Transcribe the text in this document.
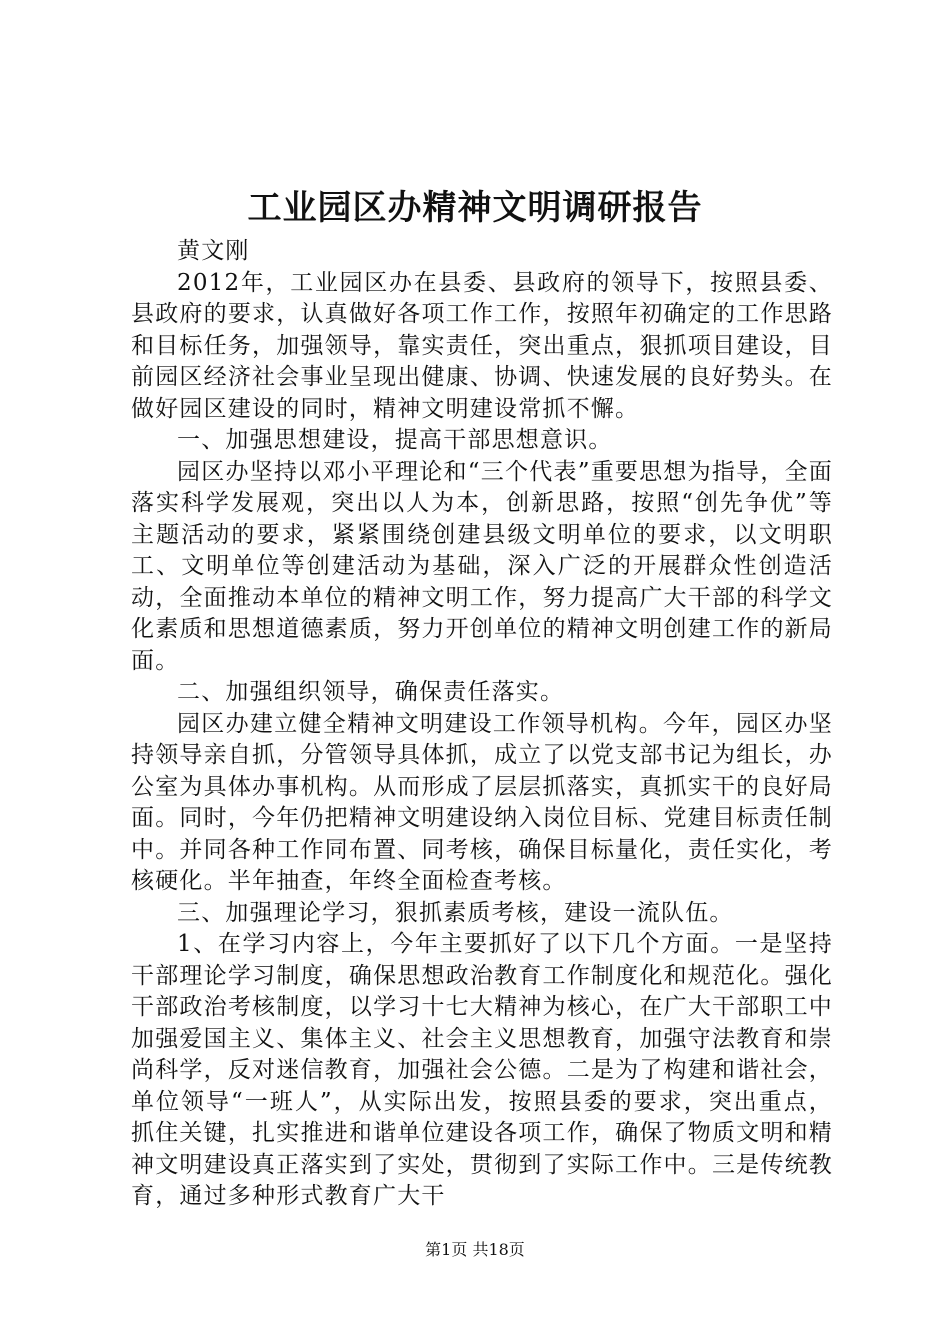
工业园区办精神文明调研报告

黄文刚

2012年，工业园区办在县委、县政府的领导下，按照县委、县政府的要求，认真做好各项工作工作，按照年初确定的工作思路和目标任务，加强领导，靠实责任，突出重点，狠抓项目建设，目前园区经济社会事业呈现出健康、协调、快速发展的良好势头。在做好园区建设的同时，精神文明建设常抓不懈。

一、加强思想建设，提高干部思想意识。

园区办坚持以邓小平理论和“三个代表”重要思想为指导，全面落实科学发展观，突出以人为本，创新思路，按照“创先争优”等主题活动的要求，紧紧围绕创建县级文明单位的要求，以文明职工、文明单位等创建活动为基础，深入广泛的开展群众性创造活动，全面推动本单位的精神文明工作，努力提高广大干部的科学文化素质和思想道德素质，努力开创单位的精神文明创建工作的新局面。

二、加强组织领导，确保责任落实。

园区办建立健全精神文明建设工作领导机构。今年，园区办坚持领导亲自抓，分管领导具体抓，成立了以党支部书记为组长，办公室为具体办事机构。从而形成了层层抓落实，真抓实干的良好局面。同时，今年仍把精神文明建设纳入岗位目标、党建目标责任制中。并同各种工作同布置、同考核，确保目标量化，责任实化，考核硬化。半年抽查，年终全面检查考核。

三、加强理论学习，狠抓素质考核，建设一流队伍。

1、在学习内容上，今年主要抓好了以下几个方面。一是坚持干部理论学习制度，确保思想政治教育工作制度化和规范化。强化干部政治考核制度，以学习十七大精神为核心，在广大干部职工中加强爱国主义、集体主义、社会主义思想教育，加强守法教育和崇尚科学，反对迷信教育，加强社会公德。二是为了构建和谐社会，单位领导“一班人”，从实际出发，按照县委的要求，突出重点，抓住关键，扎实推进和谐单位建设各项工作，确保了物质文明和精神文明建设真正落实到了实处，贯彻到了实际工作中。三是传统教育，通过多种形式教育广大干

第1页 共18页
